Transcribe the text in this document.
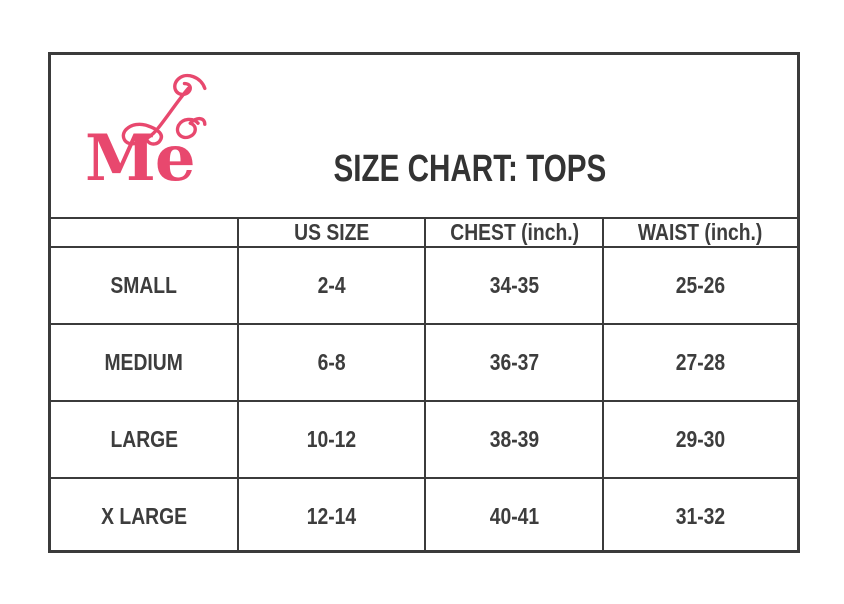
Me	SIZE CHART: TOPS
	US SIZE	CHEST (inch.)	WAIST (inch.)
SMALL	2-4	34-35	25-26
MEDIUM	6-8	36-37	27-28
LARGE	10-12	38-39	29-30
X LARGE	12-14	40-41	31-32
